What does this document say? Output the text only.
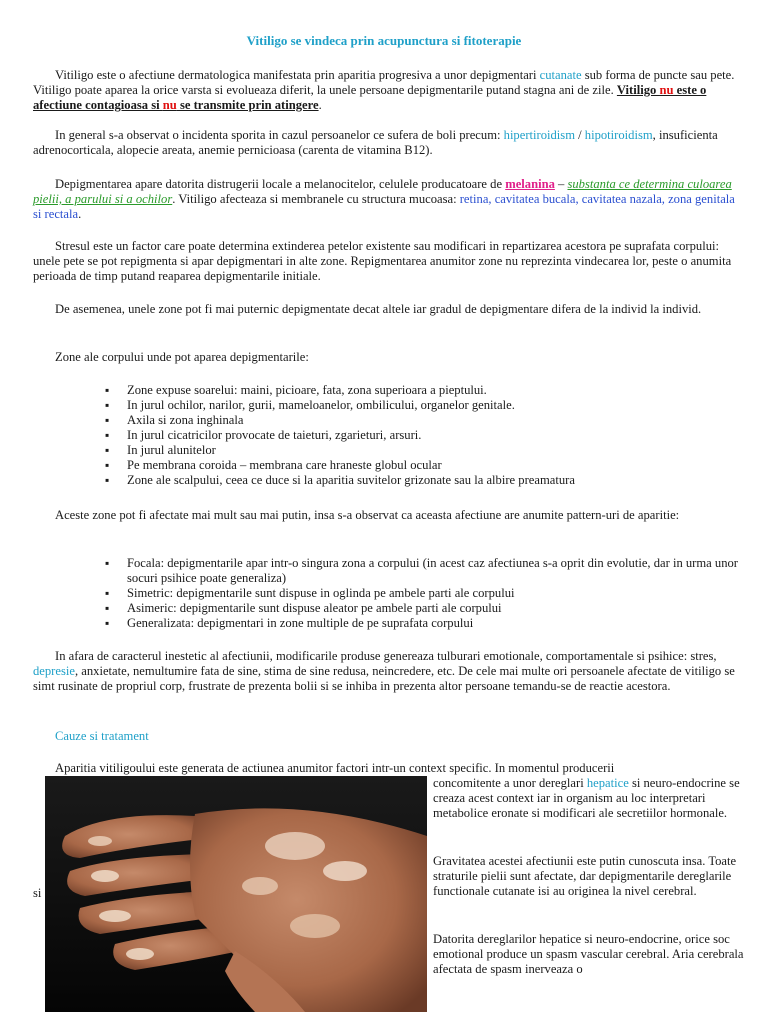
Vitiligo se vindeca prin acupunctura si fitoterapie
Vitiligo este o afectiune dermatologica manifestata prin aparitia progresiva a unor depigmentari cutanate sub forma de puncte sau pete. Vitiligo poate aparea la orice varsta si evolueaza diferit, la unele persoane depigmentarile putand stagna ani de zile. Vitiligo nu este o afectiune contagioasa si nu se transmite prin atingere.
In general s-a observat o incidenta sporita in cazul persoanelor ce sufera de boli precum: hipertiroidism / hipotiroidism, insuficienta adrenocorticala, alopecie areata, anemie pernicioasa (carenta de vitamina B12).
Depigmentarea apare datorita distrugerii locale a melanocitelor, celulele producatoare de melanina – substanta ce determina culoarea pielii, a parului si a ochilor. Vitiligo afecteaza si membranele cu structura mucoasa: retina, cavitatea bucala, cavitatea nazala, zona genitala si rectala.
Stresul este un factor care poate determina extinderea petelor existente sau modificari in repartizarea acestora pe suprafata corpului: unele pete se pot repigmenta si apar depigmentari in alte zone. Repigmentarea anumitor zone nu reprezinta vindecarea lor, peste o anumita perioada de timp putand reaparea depigmentarile initiale.
De asemenea, unele zone pot fi mai puternic depigmentate decat altele iar gradul de depigmentare difera de la individ la individ.
Zone ale corpului unde pot aparea depigmentarile:
▪ Zone expuse soarelui: maini, picioare, fata, zona superioara a pieptului.
▪ In jurul ochilor, narilor, gurii, mameloanelor, ombilicului, organelor genitale.
▪ Axila si zona inghinala
▪ In jurul cicatricilor provocate de taieturi, zgarieturi, arsuri.
▪ In jurul alunitelor
▪ Pe membrana coroida – membrana care hraneste globul ocular
▪ Zone ale scalpului, ceea ce duce si la aparitia suvitelor grizonate sau la albire preamatura
Aceste zone pot fi afectate mai mult sau mai putin, insa s-a observat ca aceasta afectiune are anumite pattern-uri de aparitie:
▪ Focala: depigmentarile apar intr-o singura zona a corpului (in acest caz afectiunea s-a oprit din evolutie, dar in urma unor socuri psihice poate generaliza)
▪ Simetric: depigmentarile sunt dispuse in oglinda pe ambele parti ale corpului
▪ Asimeric: depigmentarile sunt dispuse aleator pe ambele parti ale corpului
▪ Generalizata: depigmentari in zone multiple de pe suprafata corpului
In afara de caracterul inestetic al afectiunii, modificarile produse genereaza tulburari emotionale, comportamentale si psihice: stres, depresie, anxietate, nemultumire fata de sine, stima de sine redusa, neincredere, etc. De cele mai multe ori persoanele afectate de vitiligo se simt rusinate de propriul corp, frustrate de prezenta bolii si se inhiba in prezenta altor persoane temandu-se de reactie acestora.
Cauze si tratament
Aparitia vitiligoului este generata de actiunea anumitor factori intr-un context specific. In momentul producerii
si
concomitente a unor dereglari hepatice si neuro-endocrine se creaza acest context iar in organism au loc interpretari metabolice eronate si modificari ale secretiilor hormonale.
Gravitatea acestei afectiunii este putin cunoscuta insa. Toate straturile pielii sunt afectate, dar depigmentarile dereglarile functionale cutanate isi au originea la nivel cerebral.
Datorita dereglarilor hepatice si neuro-endocrine, orice soc emotional produce un spasm vascular cerebral. Aria cerebrala afectata de spasm inerveaza o
